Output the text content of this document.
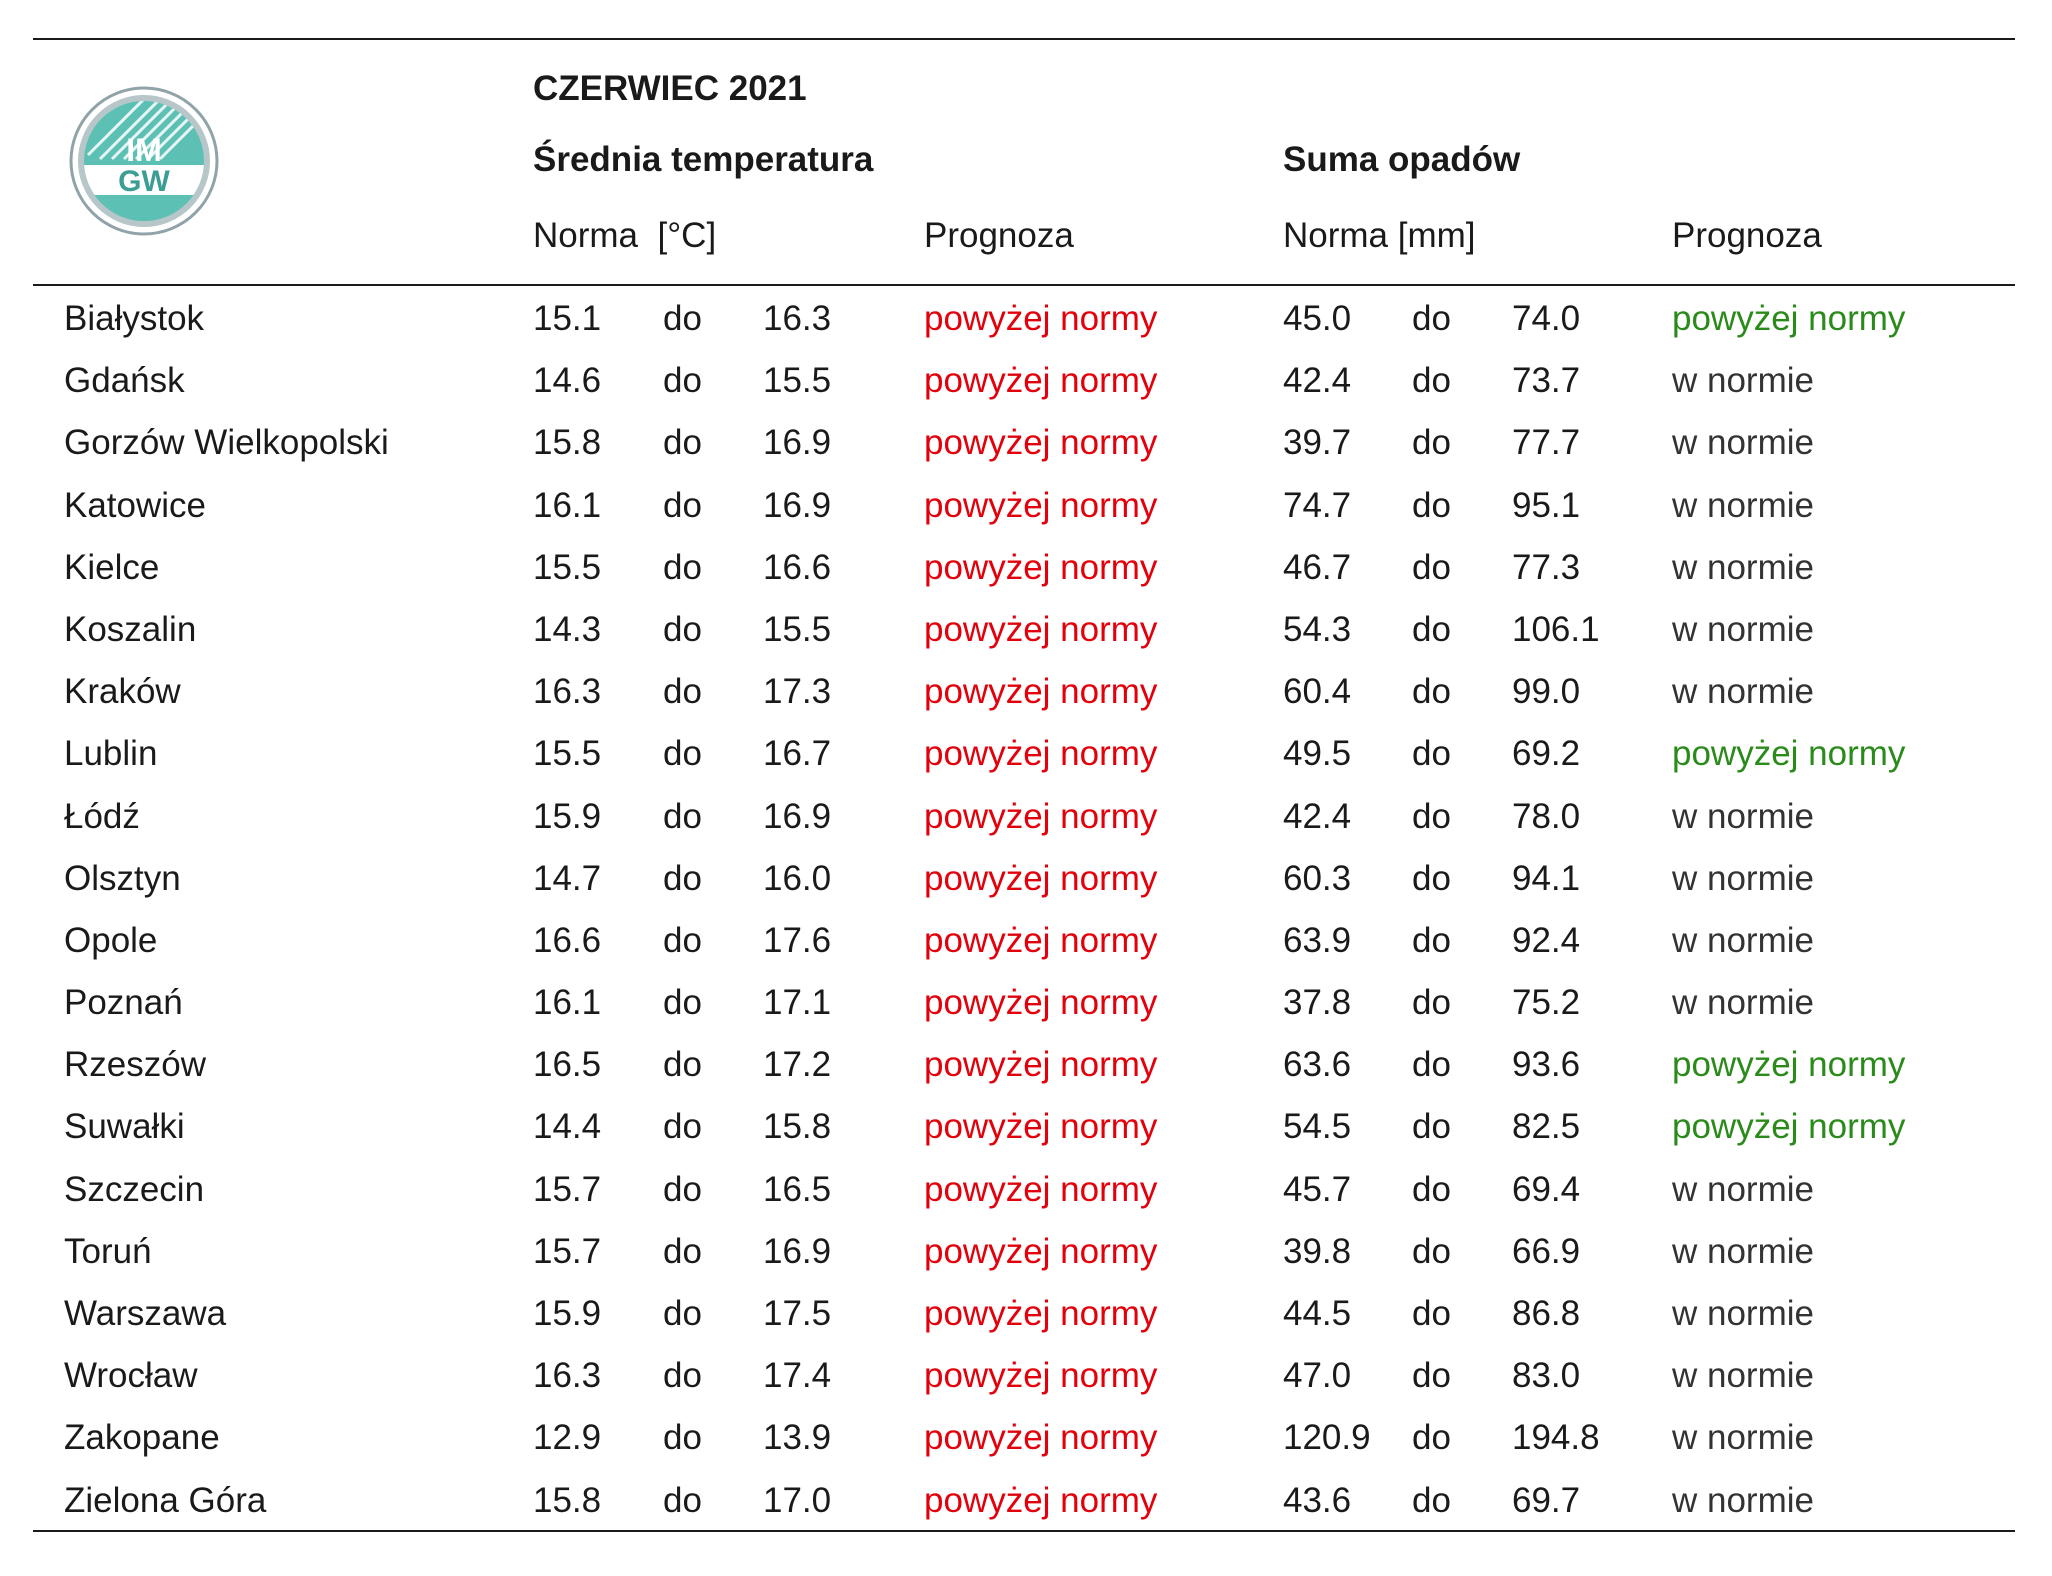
IM
GW
CZERWIEC 2021
Średnia temperatura	Suma opadów
Norma  [°C]	Prognoza	Norma [mm]	Prognoza
Białystok	15.1 do 16.3	powyżej normy	45.0 do 74.0	powyżej normy
Gdańsk	14.6 do 15.5	powyżej normy	42.4 do 73.7	w normie
Gorzów Wielkopolski	15.8 do 16.9	powyżej normy	39.7 do 77.7	w normie
Katowice	16.1 do 16.9	powyżej normy	74.7 do 95.1	w normie
Kielce	15.5 do 16.6	powyżej normy	46.7 do 77.3	w normie
Koszalin	14.3 do 15.5	powyżej normy	54.3 do 106.1 w normie
Kraków	16.3 do 17.3	powyżej normy	60.4 do 99.0	w normie
Lublin	15.5 do 16.7	powyżej normy	49.5 do 69.2	powyżej normy
Łódź	15.9 do 16.9	powyżej normy	42.4 do 78.0	w normie
Olsztyn	14.7 do 16.0	powyżej normy	60.3 do 94.1	w normie
Opole	16.6 do 17.6	powyżej normy	63.9 do 92.4	w normie
Poznań	16.1 do 17.1	powyżej normy	37.8 do 75.2	w normie
Rzeszów	16.5 do 17.2	powyżej normy	63.6 do 93.6	powyżej normy
Suwałki	14.4 do 15.8	powyżej normy	54.5 do 82.5	powyżej normy
Szczecin	15.7 do 16.5	powyżej normy	45.7 do 69.4	w normie
Toruń	15.7 do 16.9	powyżej normy	39.8 do 66.9	w normie
Warszawa	15.9 do 17.5	powyżej normy	44.5 do 86.8	w normie
Wrocław	16.3 do 17.4	powyżej normy	47.0 do 83.0	w normie
Zakopane	12.9 do 13.9	powyżej normy	120.9 do 194.8 w normie
Zielona Góra	15.8 do 17.0	powyżej normy	43.6 do 69.7	w normie
